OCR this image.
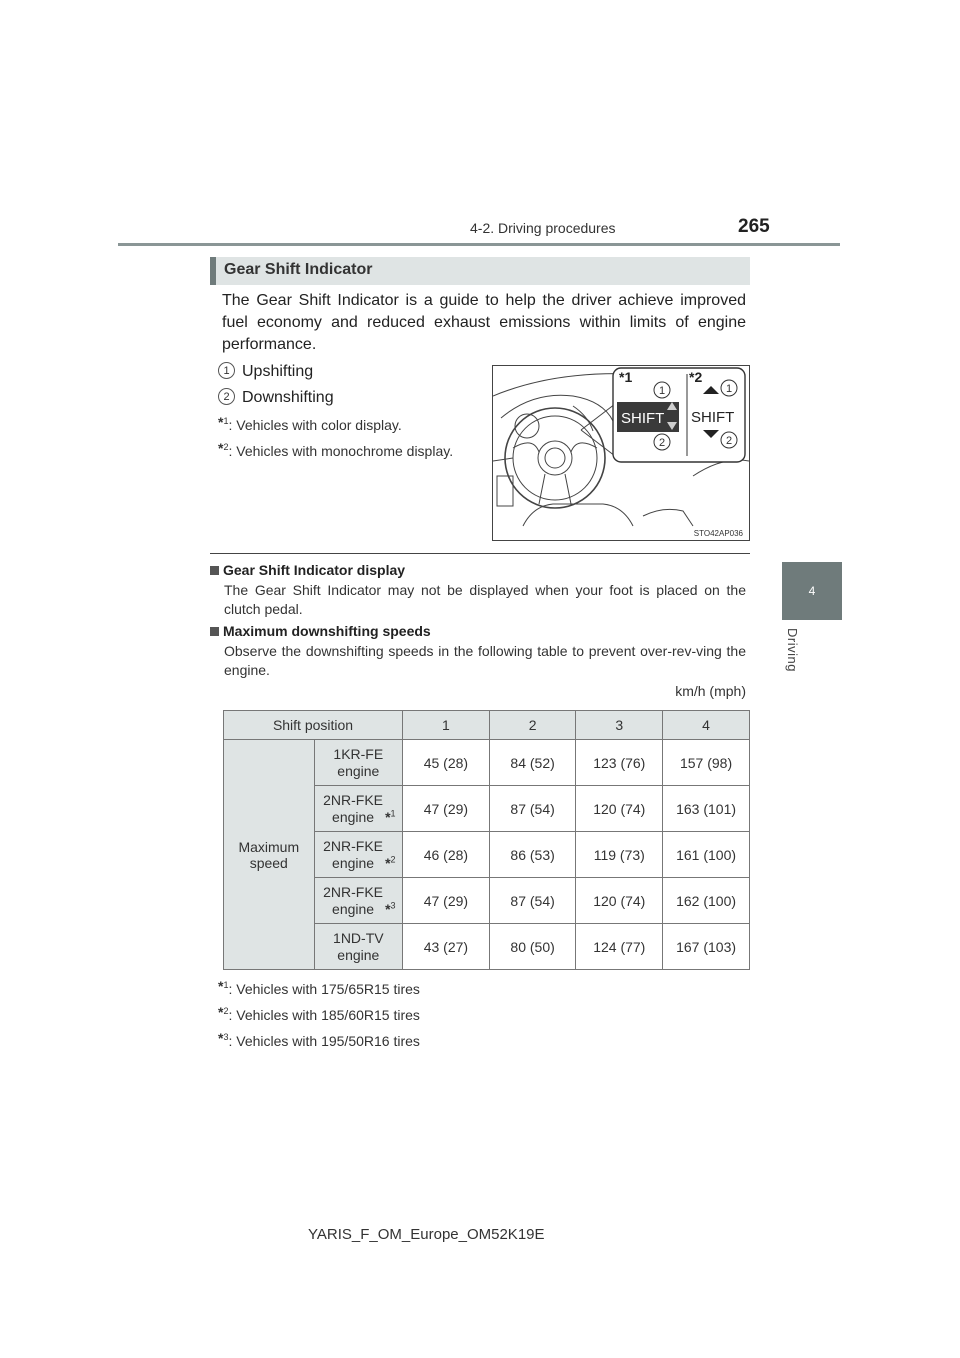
4-2. Driving procedures	265
4
Driving
Gear Shift Indicator
The Gear Shift Indicator is a guide to help the driver achieve improved fuel economy and reduced exhaust emissions within limits of engine performance.
1 Upshifting
2 Downshifting
*$^1$: Vehicles with color display.
*$^2$: Vehicles with monochrome display.
*1	*2
1
SHIFT
2
1
SHIFT
2
STO42AP036
Gear Shift Indicator display
The Gear Shift Indicator may not be displayed when your foot is placed on the clutch pedal.
Maximum downshifting speeds
Observe the downshifting speeds in the following table to prevent over-rev-ving the engine.
km/h (mph)
Shift position		1	2	3	4
Maximum speed	1KR-FE engine	45 (28)	84 (52)	123 (76)	157 (98)
	2NR-FKE engine *$^1$	47 (29)	87 (54)	120 (74)	163 (101)
	2NR-FKE engine *$^2$	46 (28)	86 (53)	119 (73)	161 (100)
	2NR-FKE engine *$^3$	47 (29)	87 (54)	120 (74)	162 (100)
	1ND-TV engine	43 (27)	80 (50)	124 (77)	167 (103)
*$^1$: Vehicles with 175/65R15 tires
*$^2$: Vehicles with 185/60R15 tires
*$^3$: Vehicles with 195/50R16 tires
YARIS_F_OM_Europe_OM52K19E
